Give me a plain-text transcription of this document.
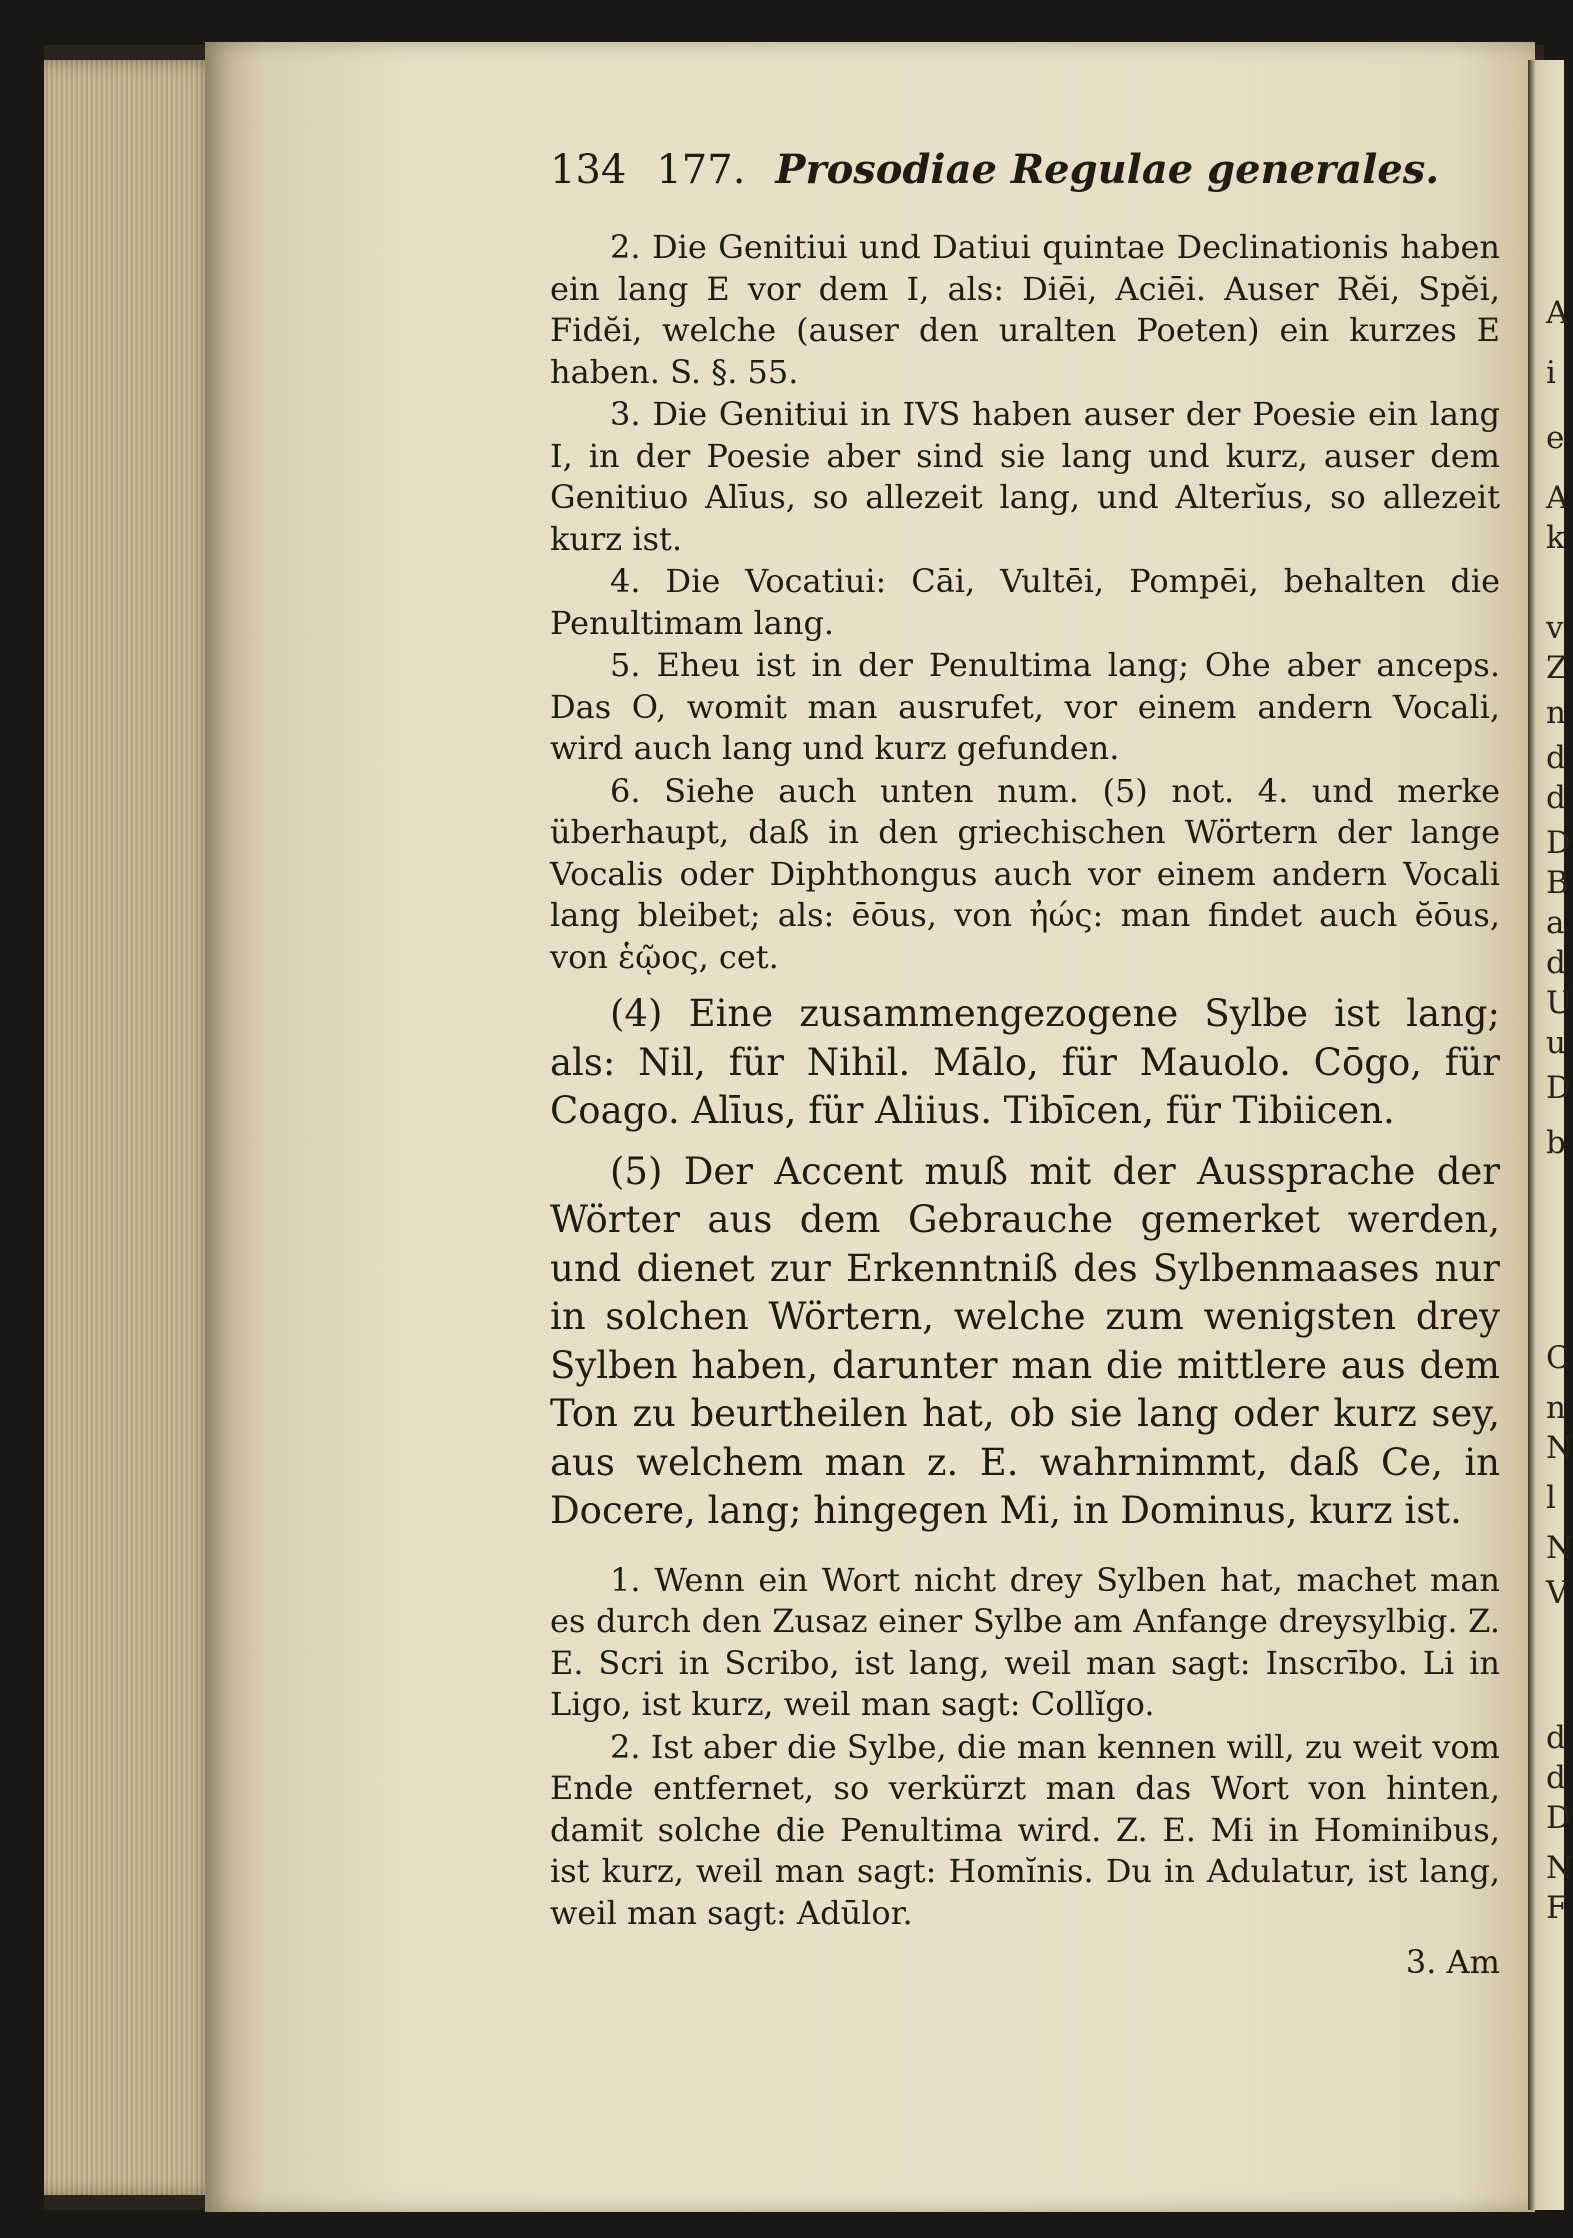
A
i
e
A
k
v
Z
n
d
d
D
B
a
d
U
u
D
b
C
n
N
l
N
V
d
d
D
N
F
134 177. Prosodiae Regulae generales.

2. Die Genitiui und Datiui quintae Declinationis haben ein lang E vor dem I, als: Diēi, Aciēi. Auser Rĕi, Spĕi, Fidĕi, welche (auser den uralten Poeten) ein kurzes E haben. S. §. 55.

3. Die Genitiui in IVS haben auser der Poesie ein lang I, in der Poesie aber sind sie lang und kurz, auser dem Genitiuo Alīus, so allezeit lang, und Alterĭus, so allezeit kurz ist.

4. Die Vocatiui: Cāi, Vultēi, Pompēi, behalten die Penultimam lang.

5. Eheu ist in der Penultima lang; Ohe aber anceps. Das O, womit man ausrufet, vor einem andern Vocali, wird auch lang und kurz gefunden.

6. Siehe auch unten num. (5) not. 4. und merke überhaupt, daß in den griechischen Wörtern der lange Vocalis oder Diphthongus auch vor einem andern Vocali lang bleibet; als: ēōus, von ἠώς: man findet auch ĕōus, von ἑῷος, cet.

(4) Eine zusammengezogene Sylbe ist lang; als: Nil, für Nihil. Mālo, für Mauolo. Cōgo, für Coago. Alīus, für Aliius. Tibīcen, für Tibiicen.

(5) Der Accent muß mit der Aussprache der Wörter aus dem Gebrauche gemerket werden, und dienet zur Erkenntniß des Sylbenmaases nur in solchen Wörtern, welche zum wenigsten drey Sylben haben, darunter man die mittlere aus dem Ton zu beurtheilen hat, ob sie lang oder kurz sey, aus welchem man z. E. wahrnimmt, daß Ce, in Docere, lang; hingegen Mi, in Dominus, kurz ist.

1. Wenn ein Wort nicht drey Sylben hat, machet man es durch den Zusaz einer Sylbe am Anfange dreysylbig. Z. E. Scri in Scribo, ist lang, weil man sagt: Inscrībo. Li in Ligo, ist kurz, weil man sagt: Collĭgo.

2. Ist aber die Sylbe, die man kennen will, zu weit vom Ende entfernet, so verkürzt man das Wort von hinten, damit solche die Penultima wird. Z. E. Mi in Hominibus, ist kurz, weil man sagt: Homĭnis. Du in Adulatur, ist lang, weil man sagt: Adūlor.

3. Am
